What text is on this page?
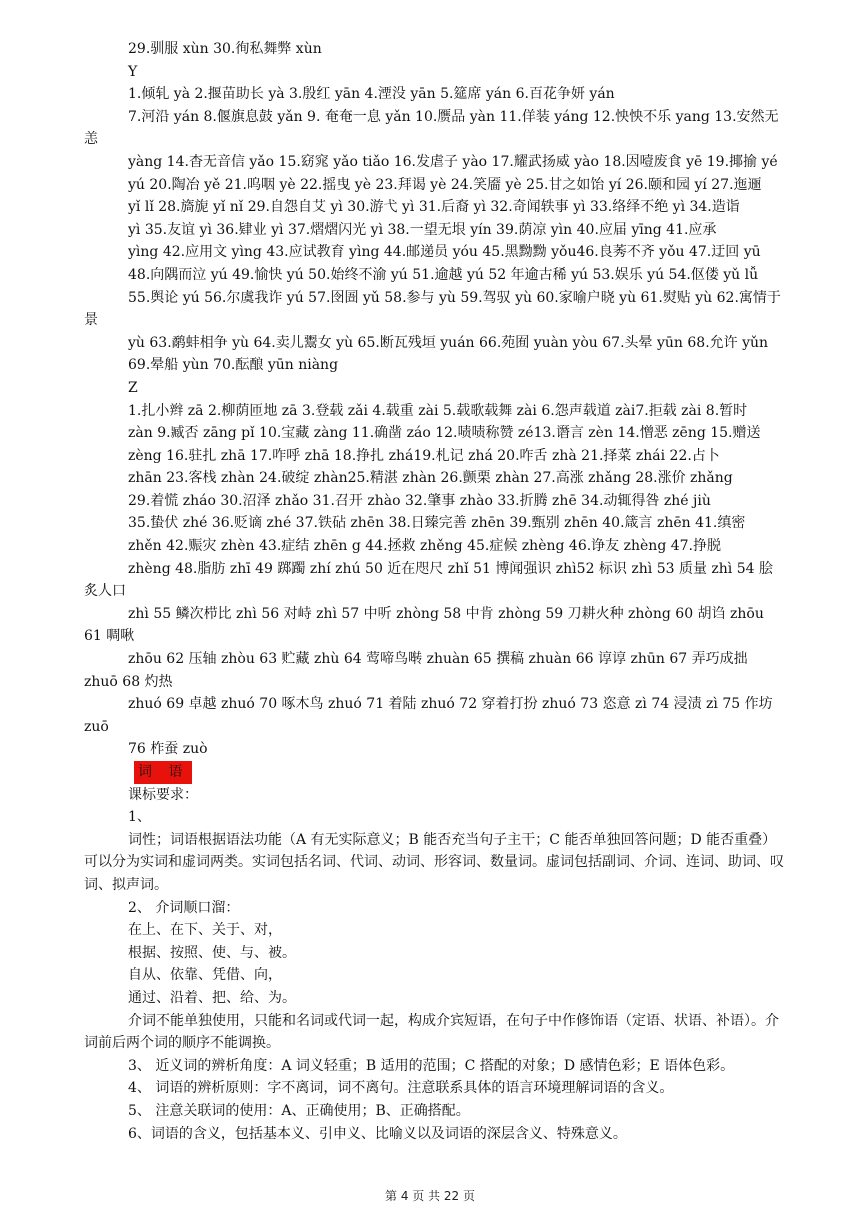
29.驯服 xùn 30.徇私舞弊 xùn

Y

1.倾轧 yà 2.揠苗助长 yà 3.殷红 yān 4.湮没 yān 5.筵席 yán 6.百花争妍 yán

7.河沿 yán 8.偃旗息鼓 yǎn 9. 奄奄一息 yǎn 10.赝品 yàn 11.佯装 yáng 12.怏怏不乐 yang 13.安然无恙

yàng 14.杳无音信 yǎo 15.窈窕 yǎo tiǎo 16.发虐子 yào 17.耀武扬威 yào 18.因噎废食 yē 19.揶揄 yé

yú 20.陶冶 yě 21.呜咽 yè 22.摇曳 yè 23.拜谒 yè 24.笑靥 yè 25.甘之如饴 yí 26.颐和园 yí 27.迤逦

yǐ lǐ 28.旖旎 yǐ nǐ 29.自怨自艾 yì 30.游弋 yì 31.后裔 yì 32.奇闻轶事 yì 33.络绎不绝 yì 34.造诣

yì 35.友谊 yì 36.肄业 yì 37.熠熠闪光 yì 38.一望无垠 yín 39.荫凉 yìn 40.应届 yīng 41.应承

yìng 42.应用文 yìng 43.应试教育 yìng 44.邮递员 yóu 45.黑黝黝 yǒu46.良莠不齐 yǒu 47.迂回 yū

48.向隅而泣 yú 49.愉快 yú 50.始终不渝 yú 51.逾越 yú 52 年逾古稀 yú 53.娱乐 yú 54.伛偻 yǔ lǚ

55.舆论 yú 56.尔虞我诈 yú 57.囹圄 yǔ 58.参与 yù 59.驾驭 yù 60.家喻户晓 yù 61.熨贴 yù 62.寓情于景

yù 63.鹬蚌相争 yù 64.卖儿鬻女 yù 65.断瓦残垣 yuán 66.苑囿 yuàn yòu 67.头晕 yūn 68.允许 yǔn

69.晕船 yùn 70.酝酿 yūn niàng

Z

1.扎小辫 zā 2.柳荫匝地 zā 3.登载 zǎi 4.载重 zài 5.载歌载舞 zài 6.怨声载道 zài7.拒载 zài 8.暂时

zàn 9.臧否 zāng pǐ 10.宝藏 zàng 11.确凿 záo 12.啧啧称赞 zé13.谮言 zèn 14.憎恶 zēng 15.赠送

zèng 16.驻扎 zhā 17.咋呼 zhā 18.挣扎 zhá19.札记 zhá 20.咋舌 zhà 21.择菜 zhái 22.占卜

zhān 23.客栈 zhàn 24.破绽 zhàn25.精湛 zhàn 26.颤栗 zhàn 27.高涨 zhǎng 28.涨价 zhǎng

29.着慌 zháo 30.沼泽 zhǎo 31.召开 zhào 32.肇事 zhào 33.折腾 zhē 34.动辄得咎 zhé jiù

35.蛰伏 zhé 36.贬谪 zhé 37.铁砧 zhēn 38.日臻完善 zhēn 39.甄别 zhēn 40.箴言 zhēn 41.缜密

zhěn 42.赈灾 zhèn 43.症结 zhēn g 44.拯救 zhěng 45.症候 zhèng 46.诤友 zhèng 47.挣脱

zhèng 48.脂肪 zhī 49 踯躅 zhí zhú 50 近在咫尺 zhǐ 51 博闻强识 zhì52 标识 zhì 53 质量 zhì 54 脍炙人口

zhì 55 鳞次栉比 zhì 56 对峙 zhì 57 中听 zhòng 58 中肯 zhòng 59 刀耕火种 zhòng 60 胡诌 zhōu 61 啁啾

zhōu 62 压轴 zhòu 63 贮藏 zhù 64 莺啼鸟啭 zhuàn 65 撰稿 zhuàn 66 谆谆 zhūn 67 弄巧成拙 zhuō 68 灼热

zhuó 69 卓越 zhuó 70 啄木鸟 zhuó 71 着陆 zhuó 72 穿着打扮 zhuó 73 恣意 zì 74 浸渍 zì 75 作坊 zuō

76 柞蚕 zuò

词 语

课标要求：

1、

词性；词语根据语法功能（A 有无实际意义；B 能否充当句子主干；C 能否单独回答问题；D 能否重叠）可以分为实词和虚词两类。实词包括名词、代词、动词、形容词、数量词。虚词包括副词、介词、连词、助词、叹词、拟声词。

2、 介词顺口溜：

在上、在下、关于、对，

根据、按照、使、与、被。

自从、依靠、凭借、向，

通过、沿着、把、给、为。

介词不能单独使用，只能和名词或代词一起，构成介宾短语，在句子中作修饰语（定语、状语、补语）。介词前后两个词的顺序不能调换。

3、 近义词的辨析角度：A 词义轻重；B 适用的范围；C 搭配的对象；D 感情色彩；E 语体色彩。

4、 词语的辨析原则：字不离词，词不离句。注意联系具体的语言环境理解词语的含义。

5、 注意关联词的使用：A、正确使用；B、正确搭配。

6、词语的含义，包括基本义、引申义、比喻义以及词语的深层含义、特殊意义。

第 4 页 共 22 页
